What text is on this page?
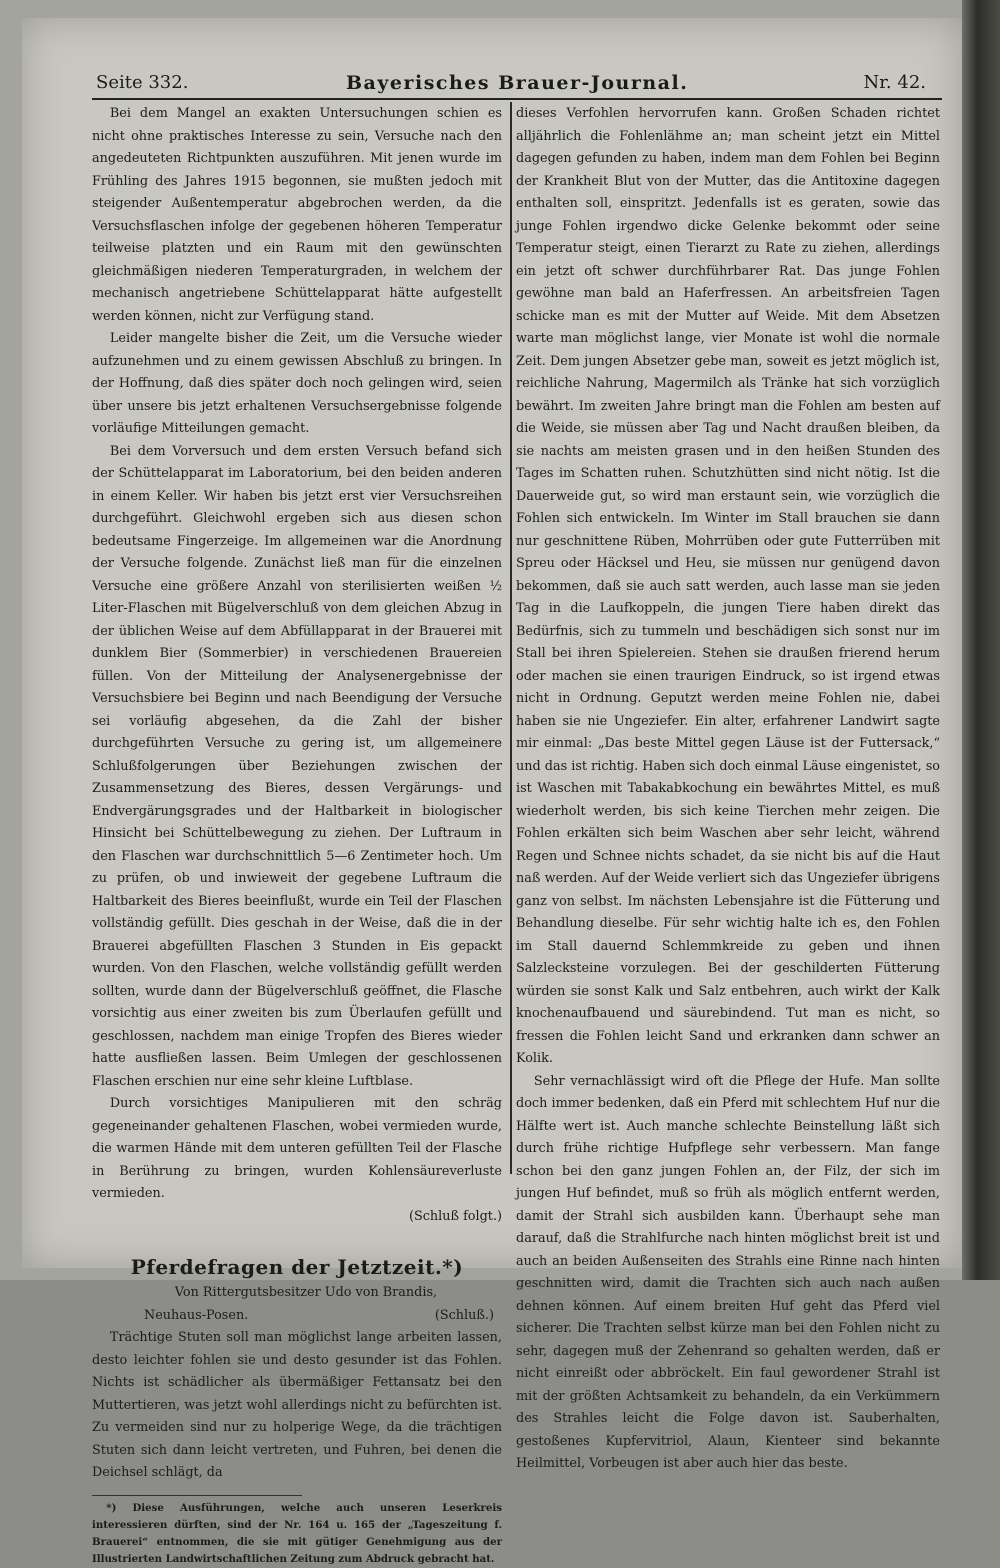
Seite 332.	Bayerisches Brauer-Journal.	Nr. 42.

Bei dem Mangel an exakten Untersuchungen schien es nicht ohne praktisches Interesse zu sein, Versuche nach den angedeuteten Richtpunkten auszuführen. Mit jenen wurde im Frühling des Jahres 1915 begonnen, sie mußten jedoch mit steigender Außentemperatur abgebrochen werden, da die Versuchsflaschen infolge der gegebenen höheren Temperatur teilweise platzten und ein Raum mit den gewünschten gleichmäßigen niederen Temperaturgraden, in welchem der mechanisch angetriebene Schüttelapparat hätte aufgestellt werden können, nicht zur Verfügung stand.

Leider mangelte bisher die Zeit, um die Versuche wieder aufzunehmen und zu einem gewissen Abschluß zu bringen. In der Hoffnung, daß dies später doch noch gelingen wird, seien über unsere bis jetzt erhaltenen Versuchsergebnisse folgende vorläufige Mitteilungen gemacht.

Bei dem Vorversuch und dem ersten Versuch befand sich der Schüttelapparat im Laboratorium, bei den beiden anderen in einem Keller. Wir haben bis jetzt erst vier Versuchsreihen durchgeführt. Gleichwohl ergeben sich aus diesen schon bedeutsame Fingerzeige. Im allgemeinen war die Anordnung der Versuche folgende. Zunächst ließ man für die einzelnen Versuche eine größere Anzahl von sterilisierten weißen ½ Liter-Flaschen mit Bügelverschluß von dem gleichen Abzug in der üblichen Weise auf dem Abfüllapparat in der Brauerei mit dunklem Bier (Sommerbier) in verschiedenen Brauereien füllen. Von der Mitteilung der Analysenergebnisse der Versuchsbiere bei Beginn und nach Beendigung der Versuche sei vorläufig abgesehen, da die Zahl der bisher durchgeführten Versuche zu gering ist, um allgemeinere Schlußfolgerungen über Beziehungen zwischen der Zusammensetzung des Bieres, dessen Vergärungs- und Endvergärungsgrades und der Haltbarkeit in biologischer Hinsicht bei Schüttelbewegung zu ziehen. Der Luftraum in den Flaschen war durchschnittlich 5—6 Zentimeter hoch. Um zu prüfen, ob und inwieweit der gegebene Luftraum die Haltbarkeit des Bieres beeinflußt, wurde ein Teil der Flaschen vollständig gefüllt. Dies geschah in der Weise, daß die in der Brauerei abgefüllten Flaschen 3 Stunden in Eis gepackt wurden. Von den Flaschen, welche vollständig gefüllt werden sollten, wurde dann der Bügelverschluß geöffnet, die Flasche vorsichtig aus einer zweiten bis zum Überlaufen gefüllt und geschlossen, nachdem man einige Tropfen des Bieres wieder hatte ausfließen lassen. Beim Umlegen der geschlossenen Flaschen erschien nur eine sehr kleine Luftblase.

Durch vorsichtiges Manipulieren mit den schräg gegeneinander gehaltenen Flaschen, wobei vermieden wurde, die warmen Hände mit dem unteren gefüllten Teil der Flasche in Berührung zu bringen, wurden Kohlensäureverluste vermieden.

(Schluß folgt.)

Pferdefragen der Jetztzeit.*)

Von Rittergutsbesitzer Udo von Brandis,

Neuhaus-Posen.	(Schluß.)

Trächtige Stuten soll man möglichst lange arbeiten lassen, desto leichter fohlen sie und desto gesunder ist das Fohlen. Nichts ist schädlicher als übermäßiger Fettansatz bei den Muttertieren, was jetzt wohl allerdings nicht zu befürchten ist. Zu vermeiden sind nur zu holperige Wege, da die trächtigen Stuten sich dann leicht vertreten, und Fuhren, bei denen die Deichsel schlägt, da

*) Diese Ausführungen, welche auch unseren Leserkreis interessieren dürften, sind der Nr. 164 u. 165 der „Tageszeitung f. Brauerei“ entnommen, die sie mit gütiger Genehmigung aus der Illustrierten Landwirtschaftlichen Zeitung zum Abdruck gebracht hat.

dieses Verfohlen hervorrufen kann. Großen Schaden richtet alljährlich die Fohlenlähme an; man scheint jetzt ein Mittel dagegen gefunden zu haben, indem man dem Fohlen bei Beginn der Krankheit Blut von der Mutter, das die Antitoxine dagegen enthalten soll, einspritzt. Jedenfalls ist es geraten, sowie das junge Fohlen irgendwo dicke Gelenke bekommt oder seine Temperatur steigt, einen Tierarzt zu Rate zu ziehen, allerdings ein jetzt oft schwer durchführbarer Rat. Das junge Fohlen gewöhne man bald an Haferfressen. An arbeitsfreien Tagen schicke man es mit der Mutter auf Weide. Mit dem Absetzen warte man möglichst lange, vier Monate ist wohl die normale Zeit. Dem jungen Absetzer gebe man, soweit es jetzt möglich ist, reichliche Nahrung, Magermilch als Tränke hat sich vorzüglich bewährt. Im zweiten Jahre bringt man die Fohlen am besten auf die Weide, sie müssen aber Tag und Nacht draußen bleiben, da sie nachts am meisten grasen und in den heißen Stunden des Tages im Schatten ruhen. Schutzhütten sind nicht nötig. Ist die Dauerweide gut, so wird man erstaunt sein, wie vorzüglich die Fohlen sich entwickeln. Im Winter im Stall brauchen sie dann nur geschnittene Rüben, Mohrrüben oder gute Futterrüben mit Spreu oder Häcksel und Heu, sie müssen nur genügend davon bekommen, daß sie auch satt werden, auch lasse man sie jeden Tag in die Laufkoppeln, die jungen Tiere haben direkt das Bedürfnis, sich zu tummeln und beschädigen sich sonst nur im Stall bei ihren Spielereien. Stehen sie draußen frierend herum oder machen sie einen traurigen Eindruck, so ist irgend etwas nicht in Ordnung. Geputzt werden meine Fohlen nie, dabei haben sie nie Ungeziefer. Ein alter, erfahrener Landwirt sagte mir einmal: „Das beste Mittel gegen Läuse ist der Futtersack,“ und das ist richtig. Haben sich doch einmal Läuse eingenistet, so ist Waschen mit Tabakabkochung ein bewährtes Mittel, es muß wiederholt werden, bis sich keine Tierchen mehr zeigen. Die Fohlen erkälten sich beim Waschen aber sehr leicht, während Regen und Schnee nichts schadet, da sie nicht bis auf die Haut naß werden. Auf der Weide verliert sich das Ungeziefer übrigens ganz von selbst. Im nächsten Lebensjahre ist die Fütterung und Behandlung dieselbe. Für sehr wichtig halte ich es, den Fohlen im Stall dauernd Schlemmkreide zu geben und ihnen Salzlecksteine vorzulegen. Bei der geschilderten Fütterung würden sie sonst Kalk und Salz entbehren, auch wirkt der Kalk knochenaufbauend und säurebindend. Tut man es nicht, so fressen die Fohlen leicht Sand und erkranken dann schwer an Kolik.

Sehr vernachlässigt wird oft die Pflege der Hufe. Man sollte doch immer bedenken, daß ein Pferd mit schlechtem Huf nur die Hälfte wert ist. Auch manche schlechte Beinstellung läßt sich durch frühe richtige Hufpflege sehr verbessern. Man fange schon bei den ganz jungen Fohlen an, der Filz, der sich im jungen Huf befindet, muß so früh als möglich entfernt werden, damit der Strahl sich ausbilden kann. Überhaupt sehe man darauf, daß die Strahlfurche nach hinten möglichst breit ist und auch an beiden Außenseiten des Strahls eine Rinne nach hinten geschnitten wird, damit die Trachten sich auch nach außen dehnen können. Auf einem breiten Huf geht das Pferd viel sicherer. Die Trachten selbst kürze man bei den Fohlen nicht zu sehr, dagegen muß der Zehenrand so gehalten werden, daß er nicht einreißt oder abbröckelt. Ein faul gewordener Strahl ist mit der größten Achtsamkeit zu behandeln, da ein Verkümmern des Strahles leicht die Folge davon ist. Sauberhalten, gestoßenes Kupfervitriol, Alaun, Kienteer sind bekannte Heilmittel, Vorbeugen ist aber auch hier das beste.
